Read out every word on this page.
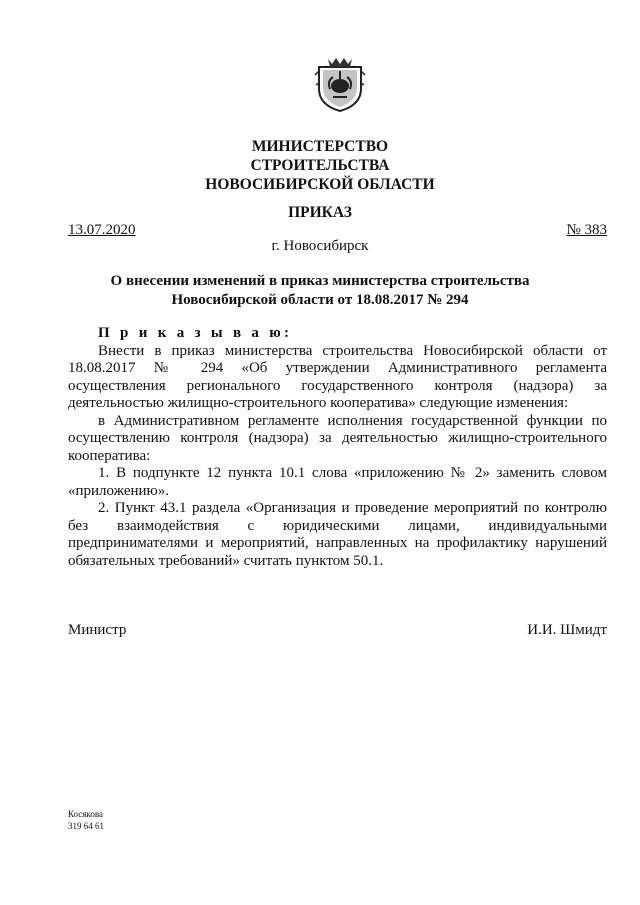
МИНИСТЕРСТВО
СТРОИТЕЛЬСТВА
НОВОСИБИРСКОЙ ОБЛАСТИ
ПРИКАЗ
13.07.2020	№ 383
г. Новосибирск
О внесении изменений в приказ министерства строительства
Новосибирской области от 18.08.2017 № 294

П р и к а з ы в а ю:

Внести в приказ министерства строительства Новосибирской области от 18.08.2017 № 294 «Об утверждении Административного регламента осуществления регионального государственного контроля (надзора) за деятельностью жилищно-строительного кооператива» следующие изменения:

в Административном регламенте исполнения государственной функции по осуществлению контроля (надзора) за деятельностью жилищно-строительного кооператива:

1. В подпункте 12 пункта 10.1 слова «приложению № 2» заменить словом «приложению».

2. Пункт 43.1 раздела «Организация и проведение мероприятий по контролю без взаимодействия с юридическими лицами, индивидуальными предпринимателями и мероприятий, направленных на профилактику нарушений обязательных требований» считать пунктом 50.1.

Министр	И.И. Шмидт
Косякова
319 64 61
